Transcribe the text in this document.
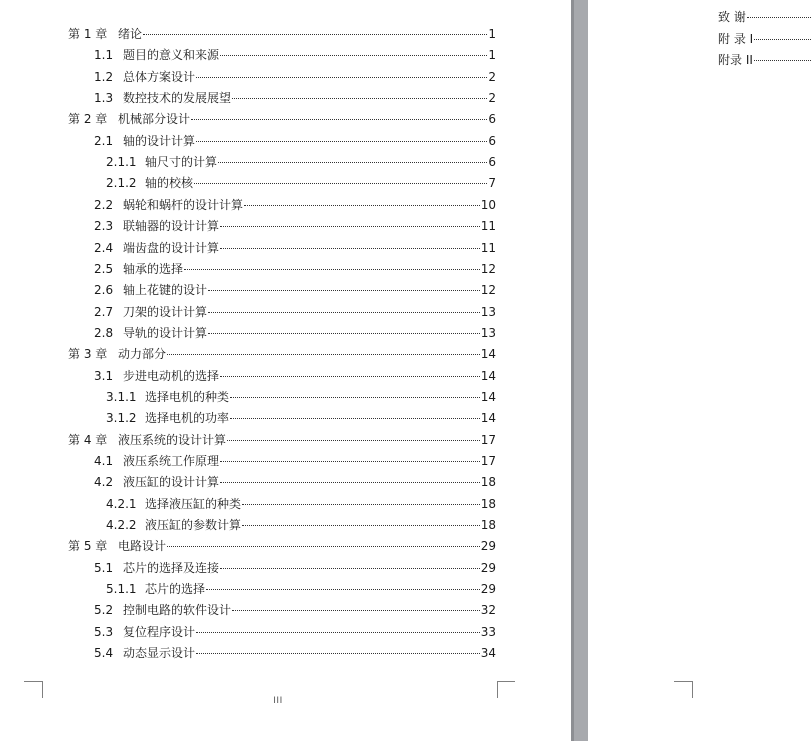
第 1 章 绪论	1
1.1 题目的意义和来源	1
1.2 总体方案设计	2
1.3 数控技术的发展展望	2
第 2 章 机械部分设计	6
2.1 轴的设计计算	6
2.1.1 轴尺寸的计算	6
2.1.2 轴的校核	7
2.2 蜗轮和蜗杆的设计计算	10
2.3 联轴器的设计计算	11
2.4 端齿盘的设计计算	11
2.5 轴承的选择	12
2.6 轴上花键的设计	12
2.7 刀架的设计计算	13
2.8 导轨的设计计算	13
第 3 章 动力部分	14
3.1 步进电动机的选择	14
3.1.1 选择电机的种类	14
3.1.2 选择电机的功率	14
第 4 章 液压系统的设计计算	17
4.1 液压系统工作原理	17
4.2 液压缸的设计计算	18
4.2.1 选择液压缸的种类	18
4.2.2 液压缸的参数计算	18
第 5 章 电路设计	29
5.1 芯片的选择及连接	29
5.1.1 芯片的选择	29
5.2 控制电路的软件设计	32
5.3 复位程序设计	33
5.4 动态显示设计	34
III
致 谢
附 录 I
附录 II
